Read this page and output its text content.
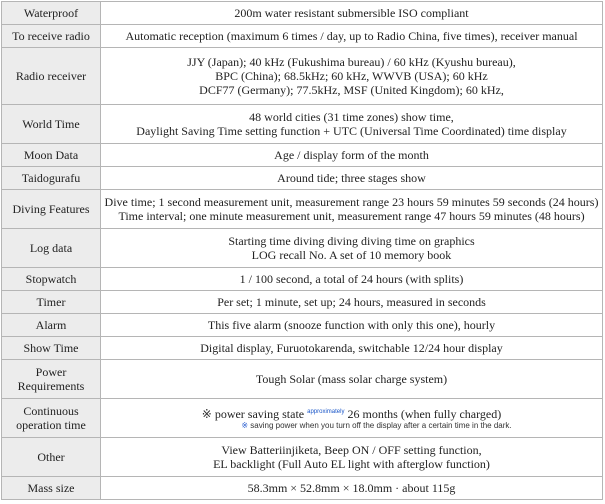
Waterproof	200m water resistant submersible ISO compliant

To receive radio	Automatic reception (maximum 6 times / day, up to Radio China, five times), receiver manual

Radio receiver	JJY (Japan); 40 kHz (Fukushima bureau) / 60 kHz (Kyushu bureau),
BPC (China); 68.5kHz; 60 kHz, WWVB (USA); 60 kHz
DCF77 (Germany); 77.5kHz, MSF (United Kingdom); 60 kHz,

World Time	48 world cities (31 time zones) show time,
Daylight Saving Time setting function + UTC (Universal Time Coordinated) time display

Moon Data	Age / display form of the month

Taidogurafu	Around tide; three stages show

Diving Features	Dive time; 1 second measurement unit, measurement range 23 hours 59 minutes 59 seconds (24 hours)
Time interval; one minute measurement unit, measurement range 47 hours 59 minutes (48 hours)

Log data	Starting time diving diving diving time on graphics
LOG recall No. A set of 10 memory book

Stopwatch	1 / 100 second, a total of 24 hours (with splits)

Timer	Per set; 1 minute, set up; 24 hours, measured in seconds

Alarm	This five alarm (snooze function with only this one), hourly

Show Time	Digital display, Furuotokarenda, switchable 12/24 hour display

Power Requirements	Tough Solar (mass solar charge system)

Continuous operation time	※ power saving state $^{approximately}$ 26 months (when fully charged)
※ saving power when you turn off the display after a certain time in the dark.

Other	View Batteriinjiketa, Beep ON / OFF setting function,
EL backlight (Full Auto EL light with afterglow function)

Mass size	58.3mm × 52.8mm × 18.0mm · about 115g
